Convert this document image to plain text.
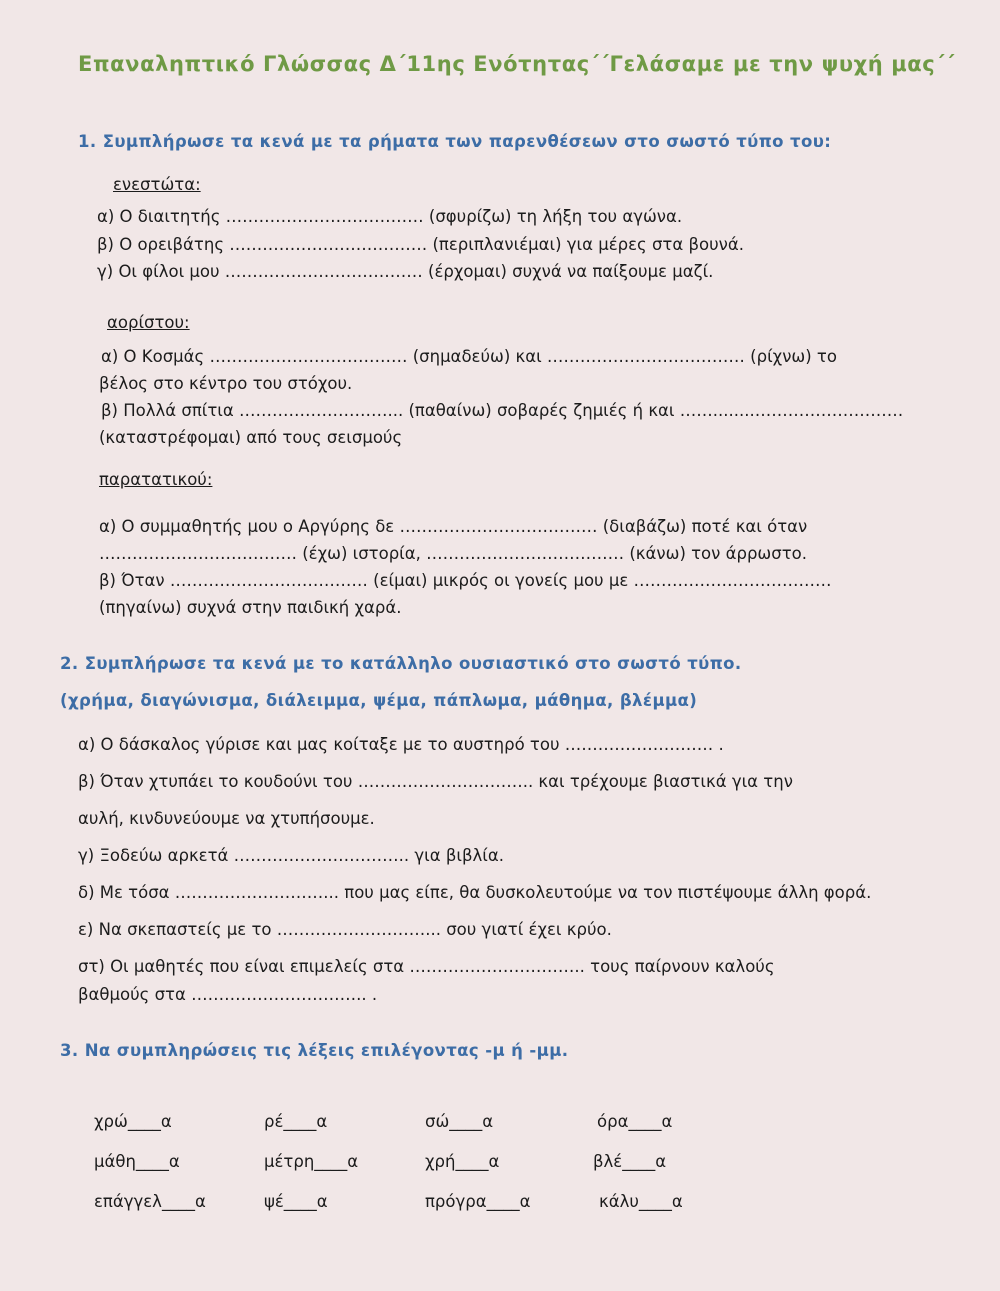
Επαναληπτικό Γλώσσας Δ΄11ης Ενότητας΄΄Γελάσαμε με την ψυχή μας΄΄
1. Συμπλήρωσε τα κενά με τα ρήματα των παρενθέσεων στο σωστό τύπο του:
ενεστώτα:
α) Ο διαιτητής ……………………………… (σφυρίζω) τη λήξη του αγώνα.
β) Ο ορειβάτης ……………………………… (περιπλανιέμαι) για μέρες στα βουνά.
γ) Οι φίλοι μου ……………………………… (έρχομαι) συχνά να παίξουμε μαζί.
αορίστου:
α) Ο Κοσμάς ……………………………… (σημαδεύω) και ……………………………… (ρίχνω) το
βέλος στο κέντρο του στόχου.
β) Πολλά σπίτια ………………………... (παθαίνω) σοβαρές ζημιές ή και ……........………………………
(καταστρέφομαι) από τους σεισμούς
παρατατικού:
α) Ο συμμαθητής μου ο Αργύρης δε ……………………………… (διαβάζω) ποτέ και όταν
……………………………… (έχω) ιστορία, ……………………………… (κάνω) τον άρρωστο.
β) Όταν ……………………………… (είμαι) μικρός οι γονείς μου με ………………………………
(πηγαίνω) συχνά στην παιδική χαρά.
2. Συμπλήρωσε τα κενά με το κατάλληλο ουσιαστικό στο σωστό τύπο.
(χρήμα, διαγώνισμα, διάλειμμα, ψέμα, πάπλωμα, μάθημα, βλέμμα)
α) Ο δάσκαλος γύρισε και μας κοίταξε με το αυστηρό του ……………………… .
β) Όταν χτυπάει το κουδούνι του ………………………….. και τρέχουμε βιαστικά για την
αυλή, κινδυνεύουμε να χτυπήσουμε.
γ) Ξοδεύω αρκετά ………………………….. για βιβλία.
δ) Με τόσα ………………………... που μας είπε, θα δυσκολευτούμε να τον πιστέψουμε άλλη φορά.
ε) Να σκεπαστείς με το ………………………... σου γιατί έχει κρύο.
στ) Οι μαθητές που είναι επιμελείς στα ………………………….. τους παίρνουν καλούς
βαθμούς στα ………………………….. .
3. Να συμπληρώσεις τις λέξεις επιλέγοντας -μ ή -μμ.
χρώ____α	ρέ____α	σώ____α	όρα____α
μάθη____α	μέτρη____α	χρή____α	βλέ____α
επάγγελ____α	ψέ____α	πρόγρα____α	κάλυ____α
